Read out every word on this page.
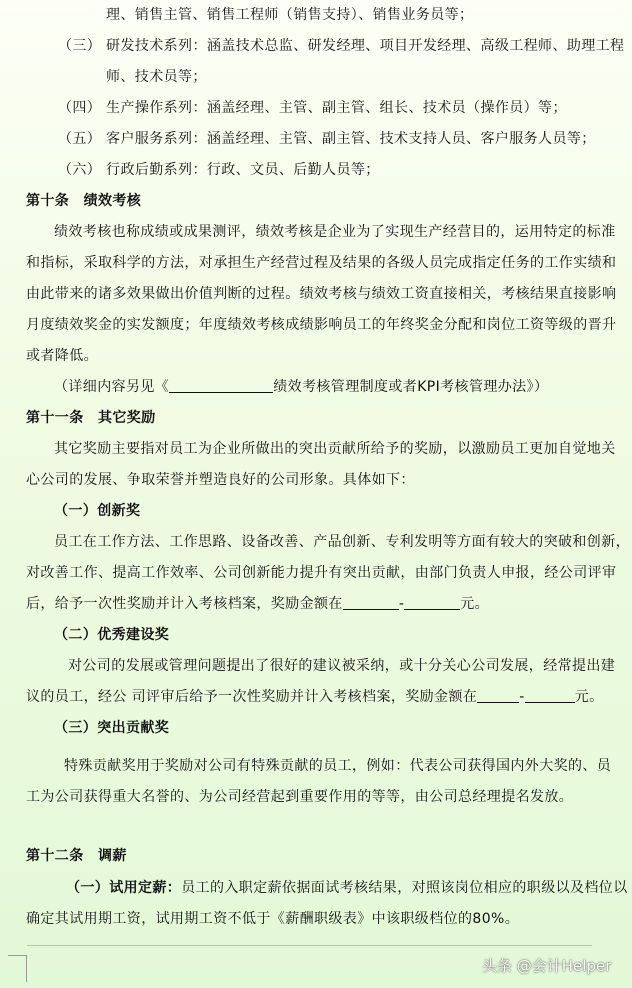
理、销售主管、销售工程师（销售支持）、销售业务员等；
（三） 研发技术系列：涵盖技术总监、研发经理、项目开发经理、高级工程师、助理工程
师、技术员等；
（四） 生产操作系列：涵盖经理、主管、副主管、组长、技术员（操作员）等；
（五） 客户服务系列：涵盖经理、主管、副主管、技术支持人员、客户服务人员等；
（六） 行政后勤系列：行政、文员、后勤人员等；
第十条　绩效考核
绩效考核也称成绩或成果测评，绩效考核是企业为了实现生产经营目的，运用特定的标准
和指标，采取科学的方法，对承担生产经营过程及结果的各级人员完成指定任务的工作实绩和
由此带来的诸多效果做出价值判断的过程。绩效考核与绩效工资直接相关，考核结果直接影响
月度绩效奖金的实发额度；年度绩效考核成绩影响员工的年终奖金分配和岗位工资等级的晋升
或者降低。
（详细内容另见《	绩效考核管理制度或者KPI考核管理办法》）
第十一条　其它奖励
其它奖励主要指对员工为企业所做出的突出贡献所给予的奖励，以激励员工更加自觉地关
心公司的发展、争取荣誉并塑造良好的公司形象。具体如下：
（一）创新奖
员工在工作方法、工作思路、设备改善、产品创新、专利发明等方面有较大的突破和创新，
对改善工作、提高工作效率、公司创新能力提升有突出贡献，由部门负责人申报，经公司评审
后，给予一次性奖励并计入考核档案，奖励金额在	-	元。
（二）优秀建设奖
对公司的发展或管理问题提出了很好的建议被采纳，或十分关心公司发展，经常提出建
议的员工，经公 司评审后给予一次性奖励并计入考核档案，奖励金额在	-	元。
（三）突出贡献奖
特殊贡献奖用于奖励对公司有特殊贡献的员工，例如：代表公司获得国内外大奖的、员
工为公司获得重大名誉的、为公司经营起到重要作用的等等，由公司总经理提名发放。
第十二条　调薪
（一）试用定薪：员工的入职定薪依据面试考核结果，对照该岗位相应的职级以及档位以
确定其试用期工资，试用期工资不低于《薪酬职级表》中该职级档位的80%。
头条 @会计Helper
